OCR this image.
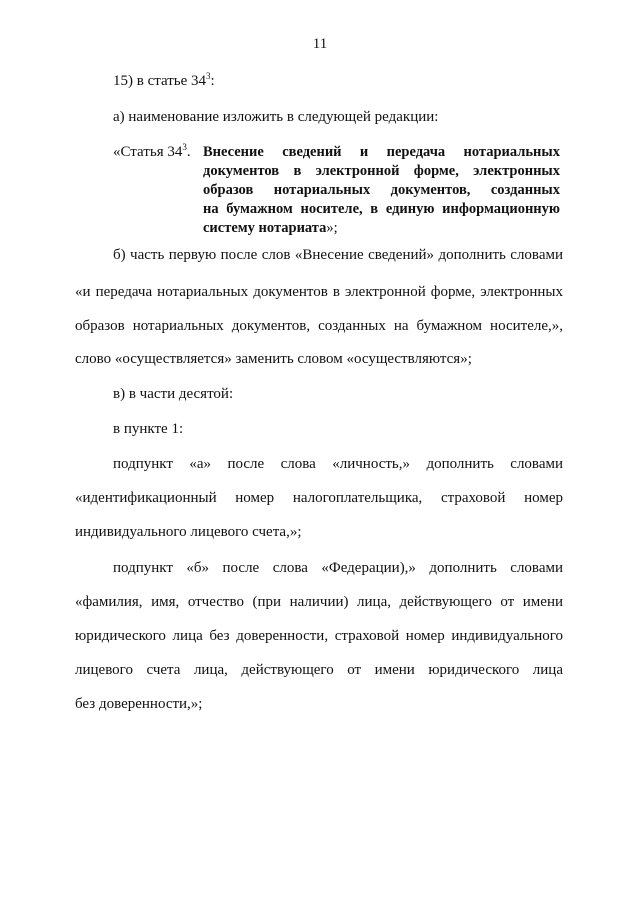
11
15) в статье $34^3$:
а) наименование изложить в следующей редакции:
«Статья $34^3$. Внесение сведений и передача нотариальных
документов в электронной форме, электронных
образов нотариальных документов, созданных
на бумажном носителе, в единую информационную
системy нотариата»;
б) часть первую после слов «Внесение сведений» дополнить словами
«и передача нотариальных документов в электронной форме, электронных
образов нотариальных документов, созданных на бумажном носителе,»,
слово «осуществляется» заменить словом «осуществляются»;
в) в части десятой:
в пункте 1:
подпункт «а» после слова «личность,» дополнить словами
«идентификационный номер налогоплательщика, страховой номер
индивидуального лицевого счета,»;
подпункт «б» после слова «Федерации),» дополнить словами
«фамилия, имя, отчество (при наличии) лица, действующего от имени
юридического лица без доверенности, страховой номер индивидуального
лицевого счета лица, действующего от имени юридического лица
без доверенности,»;
